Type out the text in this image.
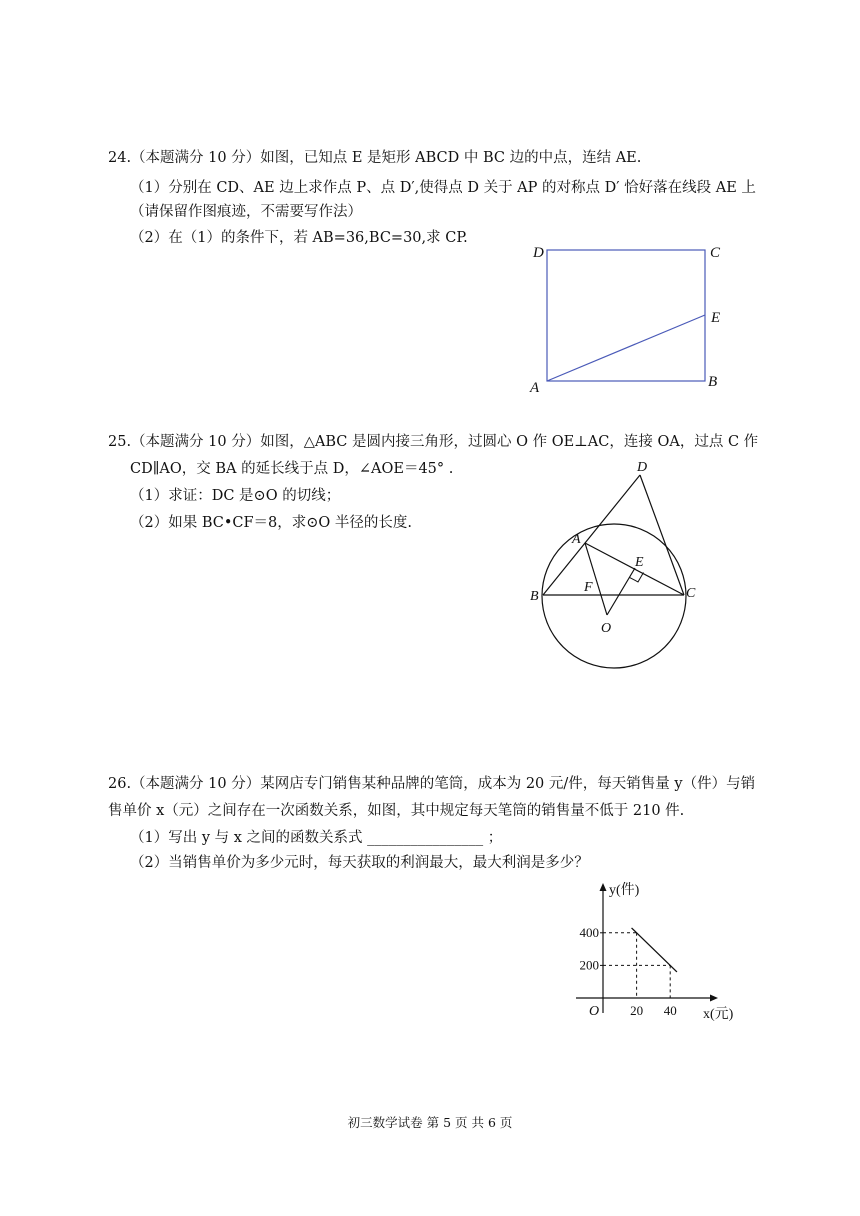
24.（本题满分 10 分）如图，已知点 E 是矩形 ABCD 中 BC 边的中点，连结 AE.
（1）分别在 CD、AE 边上求作点 P、点 D′,使得点 D 关于 AP 的对称点 D′ 恰好落在线段 AE 上
（请保留作图痕迹，不需要写作法）
（2）在（1）的条件下，若 AB=36,BC=30,求 CP.
D	C
E
A	B
25.（本题满分 10 分）如图，△ABC 是圆内接三角形，过圆心 O 作 OE⊥AC，连接 OA，过点 C 作
CD∥AO，交 BA 的延长线于点 D，∠AOE＝45° .
（1）求证：DC 是⊙O 的切线；
（2）如果 BC•CF＝8，求⊙O 半径的长度.
D
A
E
B
F	C
O
26.（本题满分 10 分）某网店专门销售某种品牌的笔筒，成本为 20 元/件，每天销售量 y（件）与销
售单价 x（元）之间存在一次函数关系，如图，其中规定每天笔筒的销售量不低于 210 件.
（1）写出 y 与 x 之间的函数关系式 ________________ ；
（2）当销售单价为多少元时，每天获取的利润最大，最大利润是多少？
y(件)
x(元)
O 20 40
200
400
初三数学试卷 第 5 页 共 6 页
